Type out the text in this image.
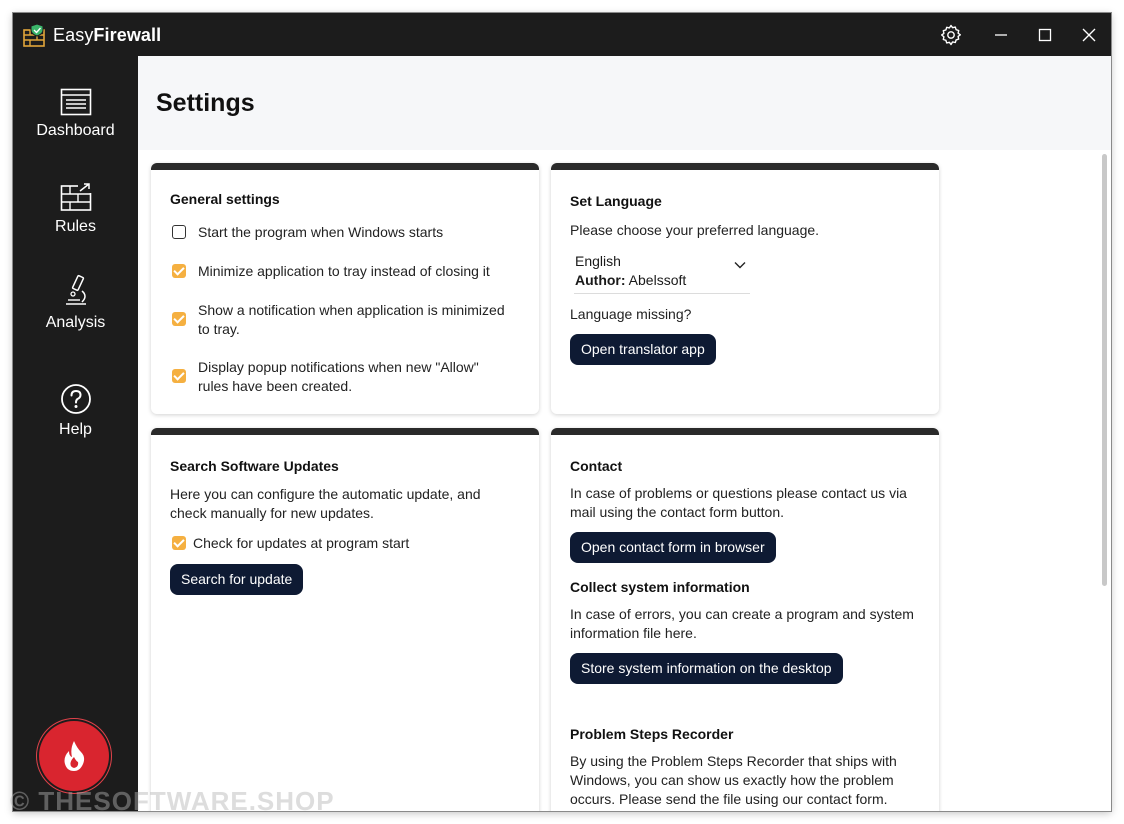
EasyFirewall
Dashboard
Rules
Analysis
Help
Settings
General settings
Start the program when Windows starts
Minimize application to tray instead of closing it
Show a notification when application is minimized
to tray.
Display popup notifications when new "Allow"
rules have been created.
Set Language
Please choose your preferred language.
English
Author: Abelssoft
Language missing?
Open translator app
Search Software Updates
Here you can configure the automatic update, and
check manually for new updates.
Check for updates at program start
Search for update
Contact
In case of problems or questions please contact us via
mail using the contact form button.
Open contact form in browser
Collect system information
In case of errors, you can create a program and system
information file here.
Store system information on the desktop
Problem Steps Recorder
By using the Problem Steps Recorder that ships with
Windows, you can show us exactly how the problem
occurs. Please send the file using our contact form.
© THESOFTWARE.SHOP
